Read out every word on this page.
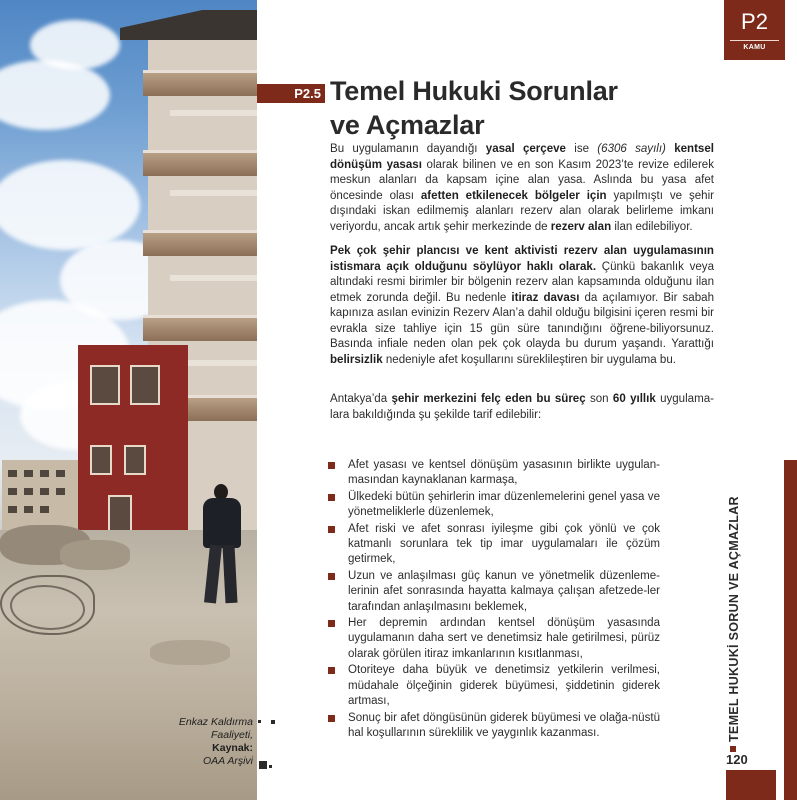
Enkaz Kaldırma
Faaliyeti,
Kaynak:
OAA Arşivi
P2
KAMU
P2.5 Temel Hukuki Sorunlar
ve Açmazlar

Bu uygulamanın dayandığı yasal çerçeve ise (6306 sayılı) kentsel dönüşüm yasası olarak bilinen ve en son Kasım 2023’te revize edilerek meskun alanları da kapsam içine alan yasa. Aslında bu yasa afet öncesinde olası afetten etkilenecek bölgeler için yapılmıştı ve şehir dışındaki iskan edilmemiş alanları rezerv alan olarak belirleme imkanı veriyordu, ancak artık şehir merkezinde de rezerv alan ilan edilebiliyor.

Pek çok şehir plancısı ve kent aktivisti rezerv alan uygulamasının istismara açık olduğunu söylüyor haklı olarak. Çünkü bakanlık veya altındaki resmi birimler bir bölgenin rezerv alan kapsamında olduğunu ilan etmek zorunda değil. Bu nedenle itiraz davası da açılamıyor. Bir sabah kapınıza asılan evinizin Rezerv Alan’a dahil olduğu bilgisini içeren resmi bir evrakla size tahliye için 15 gün süre tanındığını öğrene-biliyorsunuz. Basında infiale neden olan pek çok olayda bu durum yaşandı. Yarattığı belirsizlik nedeniyle afet koşullarını süreklileştiren bir uygulama bu.

Antakya’da şehir merkezini felç eden bu süreç son 60 yıllık uygulamalara bakıldığında şu şekilde tarif edilebilir:

Afet yasası ve kentsel dönüşüm yasasının birlikte uygulan-masından kaynaklanan karmaşa,
Ülkedeki bütün şehirlerin imar düzenlemelerini genel yasa ve yönetmeliklerle düzenlemek,
Afet riski ve afet sonrası iyileşme gibi çok yönlü ve çok katmanlı sorunlara tek tip imar uygulamaları ile çözüm getirmek,
Uzun ve anlaşılması güç kanun ve yönetmelik düzenleme-lerinin afet sonrasında hayatta kalmaya çalışan afetzede-ler tarafından anlaşılmasını beklemek,
Her depremin ardından kentsel dönüşüm yasasında uygulamanın daha sert ve denetimsiz hale getirilmesi, pürüz olarak görülen itiraz imkanlarının kısıtlanması,
Otoriteye daha büyük ve denetimsiz yetkilerin verilmesi, müdahale ölçeğinin giderek büyümesi, şiddetinin giderek artması,
Sonuç bir afet döngüsünün giderek büyümesi ve olağa-nüstü hal koşullarının süreklilik ve yaygınlık kazanması.	TEMEL HUKUKİ SORUN VE AÇMAZLAR
120
